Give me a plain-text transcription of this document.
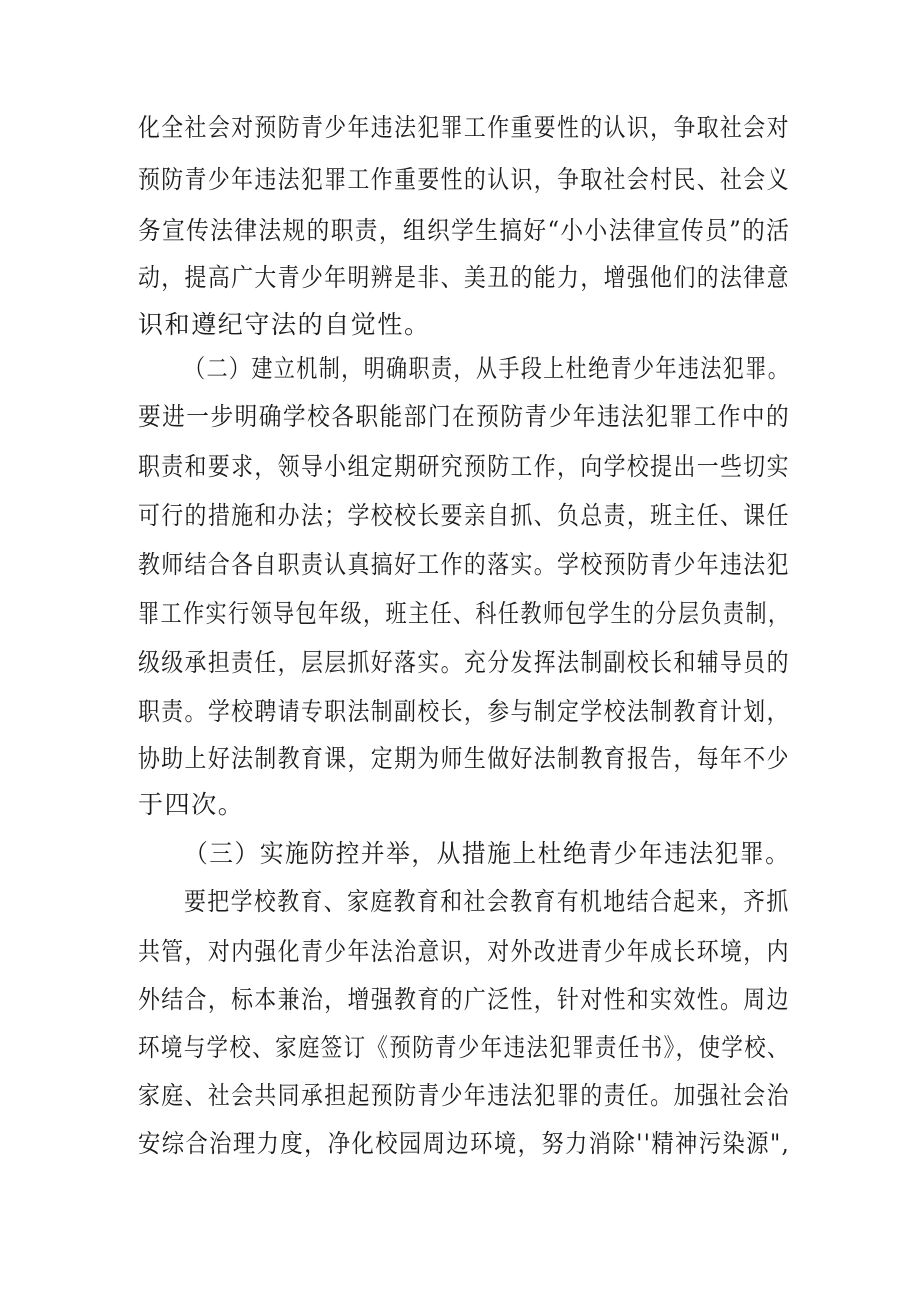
化全社会对预防青少年违法犯罪工作重要性的认识，争取社会对
预防青少年违法犯罪工作重要性的认识，争取社会村民、社会义
务宣传法律法规的职责，组织学生搞好“小小法律宣传员”的活
动，提高广大青少年明辨是非、美丑的能力，增强他们的法律意
识和遵纪守法的自觉性。
（二）建立机制，明确职责，从手段上杜绝青少年违法犯罪。
要进一步明确学校各职能部门在预防青少年违法犯罪工作中的
职责和要求，领导小组定期研究预防工作，向学校提出一些切实
可行的措施和办法；学校校长要亲自抓、负总责，班主任、课任
教师结合各自职责认真搞好工作的落实。学校预防青少年违法犯
罪工作实行领导包年级，班主任、科任教师包学生的分层负责制，
级级承担责任，层层抓好落实。充分发挥法制副校长和辅导员的
职责。学校聘请专职法制副校长，参与制定学校法制教育计划，
协助上好法制教育课，定期为师生做好法制教育报告，每年不少
于四次。
（三）实施防控并举，从措施上杜绝青少年违法犯罪。
要把学校教育、家庭教育和社会教育有机地结合起来，齐抓
共管，对内强化青少年法治意识，对外改进青少年成长环境，内
外结合，标本兼治，增强教育的广泛性，针对性和实效性。周边
环境与学校、家庭签订《预防青少年违法犯罪责任书》，使学校、
家庭、社会共同承担起预防青少年违法犯罪的责任。加强社会治
安综合治理力度，净化校园周边环境，努力消除''精神污染源",
